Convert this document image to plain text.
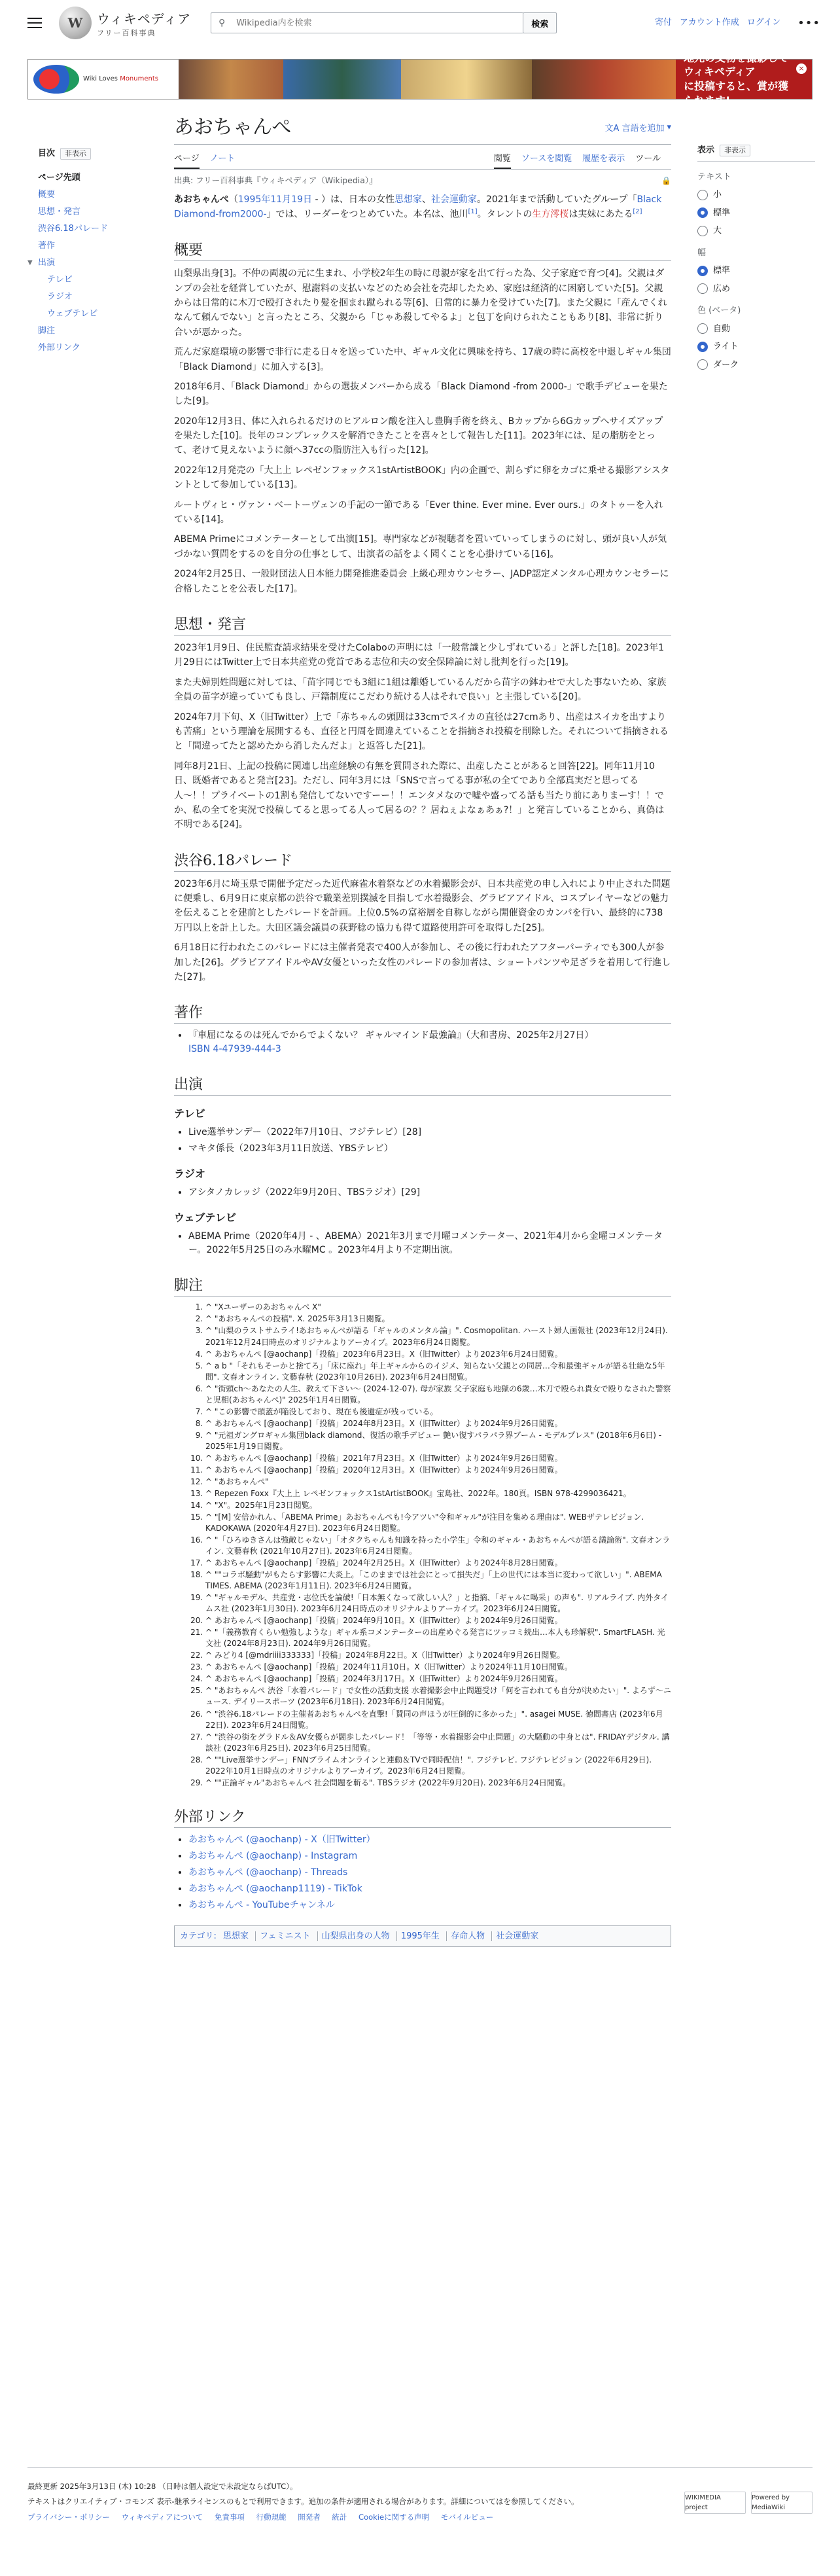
W	ウィキペディア
フリー百科事典
⚲
Wikipedia内を検索	検索	寄付 アカウント作成 ログイン •••
Wiki Loves Monuments
地元の文物を撮影してウィキペディア
に投稿すると、賞が獲られます!
×
目次	非表示
ページ先頭
概要
思想・発言
渋谷6.18パレード
著作
▼ 出演
テレビ
ラジオ
ウェブテレビ
脚注
外部リンク
あおちゃんぺ	文A 言語を追加 ▾
ページ ノート	閲覧 ソースを閲覧 履歴を表示 ツール
出典: フリー百科事典『ウィキペディア（Wikipedia）』	🔒

あおちゃんぺ（1995年11月19日 - ）は、日本の女性思想家、社会運動家。2021年まで活動していたグループ「Black Diamond-from2000-」では、リーダーをつとめていた。本名は、池川[1]。タレントの生方澪桜は実妹にあたる[2]

概要

山梨県出身[3]。不仲の両親の元に生まれ、小学校2年生の時に母親が家を出て行った為、父子家庭で育つ[4]。父親はダンプの会社を経営していたが、慰謝料の支払いなどのため会社を売却したため、家庭は経済的に困窮していた[5]。父親からは日常的に木刀で殴打されたり髪を掴まれ蹴られる等[6]、日常的に暴力を受けていた[7]。また父親に「産んでくれなんて頼んでない」と言ったところ、父親から「じゃあ殺してやるよ」と包丁を向けられたこともあり[8]、非常に折り合いが悪かった。

荒んだ家庭環境の影響で非行に走る日々を送っていた中、ギャル文化に興味を持ち、17歳の時に高校を中退しギャル集団「Black Diamond」に加入する[3]。

2018年6月、「Black Diamond」からの選抜メンバーから成る「Black Diamond -from 2000-」で歌手デビューを果たした[9]。

2020年12月3日、体に入れられるだけのヒアルロン酸を注入し豊胸手術を終え、Bカップから6Gカップへサイズアップを果たした[10]。長年のコンプレックスを解消できたことを喜々として報告した[11]。2023年には、足の脂肪をとって、老けて見えないように顔へ37ccの脂肪注入も行った[12]。

2022年12月発売の「大上上 レペゼンフォックス1stArtistBOOK」内の企画で、割らずに卵をカゴに乗せる撮影アシスタントとして参加している[13]。

ルートヴィヒ・ヴァン・ベートーヴェンの手記の一節である「Ever thine. Ever mine. Ever ours.」のタトゥーを入れている[14]。

ABEMA Primeにコメンテーターとして出演[15]。専門家などが視聴者を置いていってしまうのに対し、頭が良い人が気づかない質問をするのを自分の仕事として、出演者の話をよく聞くことを心掛けている[16]。

2024年2月25日、一般財団法人日本能力開発推進委員会 上級心理カウンセラー、JADP認定メンタル心理カウンセラーに合格したことを公表した[17]。

思想・発言

2023年1月9日、住民監査請求結果を受けたColaboの声明には「一般常識と少しずれている」と評した[18]。2023年1月29日にはTwitter上で日本共産党の党首である志位和夫の安全保障論に対し批判を行った[19]。

また夫婦別姓問題に対しては、「苗字同じでも3組に1組は離婚しているんだから苗字の鉢わせで大した事ないため、家族全員の苗字が違っていても良し、戸籍制度にこだわり続ける人はそれで良い」と主張している[20]。

2024年7月下旬、X（旧Twitter）上で「赤ちゃんの頭囲は33cmでスイカの直径は27cmあり、出産はスイカを出すよりも苦痛」という理論を展開するも、直径と円周を間違えていることを指摘され投稿を削除した。それについて指摘されると「間違ってたと認めたから消したんだよ」と返答した[21]。

同年8月21日、上記の投稿に関連し出産経験の有無を質問された際に、出産したことがあると回答[22]。同年11月10日、既婚者であると発言[23]。ただし、同年3月には「SNSで言ってる事が私の全てであり全部真実だと思ってる人〜！！プライベートの1割も発信してないですーー！！エンタメなので嘘や盛ってる話も当たり前にありまーす！！でか、私の全てを実況で投稿してると思ってる人って居るの？？居ねぇよなぁあぁ?！」と発言していることから、真偽は不明である[24]。

渋谷6.18パレード

2023年6月に埼玉県で開催予定だった近代麻雀水着祭などの水着撮影会が、日本共産党の申し入れにより中止された問題に便乗し、6月9日に東京都の渋谷で職業差別撲滅を目指して水着撮影会、グラビアアイドル、コスプレイヤーなどの魅力を伝えることを建前としたパレードを計画。上位0.5%の富裕層を自称しながら開催資金のカンパを行い、最終的に738万円以上を計上した。大田区議会議員の荻野稔の協力も得て道路使用許可を取得した[25]。

6月18日に行われたこのパレードには主催者発表で400人が参加し、その後に行われたアフターパーティでも300人が参加した[26]。グラビアアイドルやAV女優といった女性のパレードの参加者は、ショートパンツや足ざラを着用して行進した[27]。

著作
• 『車屈になるのは死んでからでよくない？ ギャルマインド最強論』（大和書房、2025年2月27日）
ISBN 4-47939-444-3
出演
テレビ
• Live選挙サンデー（2022年7月10日、フジテレビ）[28]
• マキタ係長（2023年3月11日放送、YBSテレビ）
ラジオ
• アシタノカレッジ（2022年9月20日、TBSラジオ）[29]
ウェブテレビ
• ABEMA Prime（2020年4月 - 、ABEMA）2021年3月まで月曜コメンテーター、2021年4月から金曜コメンテーター。2022年5月25日のみ水曜MC 。2023年4月より不定期出演。
脚注
1. ^ "Xユーザーのあおちゃんぺ X"
2. ^ "あおちゃんぺの投稿". X. 2025年3月13日閲覧。
3. ^ "山梨のラストサムライ!あおちゃんぺが語る「ギャルのメンタル論」". Cosmopolitan. ハースト婦人画報社 (2023年12月24日). 2021年12月24日時点のオリジナルよりアーカイブ。2023年6月24日閲覧。
4. ^ あおちゃんぺ [@aochanp]「投稿」2023年6月23日。X（旧Twitter）より2023年6月24日閲覧。
5. ^ a b "「それもそーかと捨てろ」「床に座れ」年上ギャルからのイジメ、知らない父親との同居…令和最強ギャルが語る壮絶な5年間". 文春オンライン. 文藝春秋 (2023年10月26日). 2023年6月24日閲覧。
6. ^ "街頭ch〜あなたの人生、教えて下さい〜 (2024-12-07). 母が家族 父子家庭も地獄の6歳…木刀で殴られ貴女で殴りなされた警察と児相(あおちゃんぺ)" 2025年1月4日閲覧。
7. ^ "この影響で頭蓋が陥没しており、現在も後遺症が残っている。
8. ^ あおちゃんぺ [@aochanp]「投稿」2024年8月23日。X（旧Twitter）より2024年9月26日閲覧。
9. ^ "元祖ガングロギャル集団black diamond、復活の歌手デビュー 艶い復すパラパラ界ブーム - モデルプレス" (2018年6月6日) - 2025年1月19日閲覧。
10. ^ あおちゃんぺ [@aochanp]「投稿」2021年7月23日。X（旧Twitter）より2024年9月26日閲覧。
11. ^ あおちゃんぺ [@aochanp]「投稿」2020年12月3日。X（旧Twitter）より2024年9月26日閲覧。
12. ^ "あおちゃんぺ"
13. ^ Repezen Foxx『大上上 レペゼンフォックス1stArtistBOOK』宝島社、2022年。180頁。ISBN 978-4299036421。
14. ^ "X"。2025年1月23日閲覧。
15. ^ "[M] 安倍かれん、「ABEMA Prime」あおちゃんぺも!今アツい"令和ギャル"が注目を集める理由は". WEBザテレビジョン. KADOKAWA (2020年4月27日). 2023年6月24日閲覧。
16. ^ "「ひろゆきさんは強敵じゃない」「オタクちゃんも知識を持った小学生」令和のギャル・あおちゃんぺが語る議論術". 文春オンライン. 文藝春秋 (2021年10月27日). 2023年6月24日閲覧。
17. ^ あおちゃんぺ [@aochanp]「投稿」2024年2月25日。X（旧Twitter）より2024年8月28日閲覧。
18. ^ ""コラボ騒動"がもたらす影響に大炎上。「このままでは社会にとって損失だ」「上の世代には本当に変わって欲しい」". ABEMA TIMES. ABEMA (2023年1月11日). 2023年6月24日閲覧。
19. ^ "ギャルモデル、共産党・志位氏を論破!「日本無くなって欲しい人？」と指摘、「ギャルに喝采」の声も". リアルライブ. 内外タイムス社 (2023年1月30日). 2023年6月24日時点のオリジナルよりアーカイブ。2023年6月24日閲覧。
20. ^ あおちゃんぺ [@aochanp]「投稿」2024年9月10日。X（旧Twitter）より2024年9月26日閲覧。
21. ^ "「義務教育くらい勉強しような」ギャル系コメンテーターの出産めぐる発言にツッコミ続出…本人も珍解釈". SmartFLASH. 光文社 (2024年8月23日). 2024年9月26日閲覧。
22. ^ みどり4 [@mdriiii333333]「投稿」2024年8月22日。X（旧Twitter）より2024年9月26日閲覧。
23. ^ あおちゃんぺ [@aochanp]「投稿」2024年11月10日。X（旧Twitter）より2024年11月10日閲覧。
24. ^ あおちゃんぺ [@aochanp]「投稿」2024年3月17日。X（旧Twitter）より2024年9月26日閲覧。
25. ^ "あおちゃんぺ 渋谷「水着パレード」で女性の活動支援 水着撮影会中止問題受け「何を言われても自分が決めたい」". よろず〜ニュース. デイリースポーツ (2023年6月18日). 2023年6月24日閲覧。
26. ^ "渋谷6.18パレードの主催者あおちゃんぺを直撃!「賛同の声ほうが圧倒的に多かった」". asagei MUSE. 徳間書店 (2023年6月22日). 2023年6月24日閲覧。
27. ^ "渋谷の街をグラドル＆AV女優らが闊歩したパレード！「等等・水着撮影会中止問題」の大騒動の中身とは". FRIDAYデジタル. 講談社 (2023年6月25日). 2023年6月25日閲覧。
28. ^ ""Live選挙サンデー」FNNプライムオンラインと連動＆TVで同時配信！". フジテレビ. フジテレビジョン (2022年6月29日). 2022年10月1日時点のオリジナルよりアーカイブ。2023年6月24日閲覧。
29. ^ ""正論ギャル"あおちゃんぺ 社会問題を斬る". TBSラジオ (2022年9月20日). 2023年6月24日閲覧。
外部リンク
• あおちゃんぺ (@aochanp) - X（旧Twitter）
• あおちゃんぺ (@aochanp) - Instagram
• あおちゃんぺ (@aochanp) - Threads
• あおちゃんぺ (@aochanp1119) - TikTok
• あおちゃんぺ - YouTubeチャンネル
カテゴリ: 思想家 フェミニスト 山梨県出身の人物 1995年生 存命人物 社会運動家
表示	非表示
テキスト
小
標準
大
幅
標準
広め
色 (ベータ)
自動
ライト
ダーク
最終更新 2025年3月13日 (木) 10:28 （日時は個人設定で未設定ならばUTC）。
テキストはクリエイティブ・コモンズ 表示-継承ライセンスのもとで利用できます。追加の条件が適用される場合があります。詳細についてはを参照してください。
プライバシー・ポリシー ウィキペディアについて 免責事項 行動規範 開発者 統計 Cookieに関する声明 モバイルビュー
WIKIMEDIA project
Powered by MediaWiki
